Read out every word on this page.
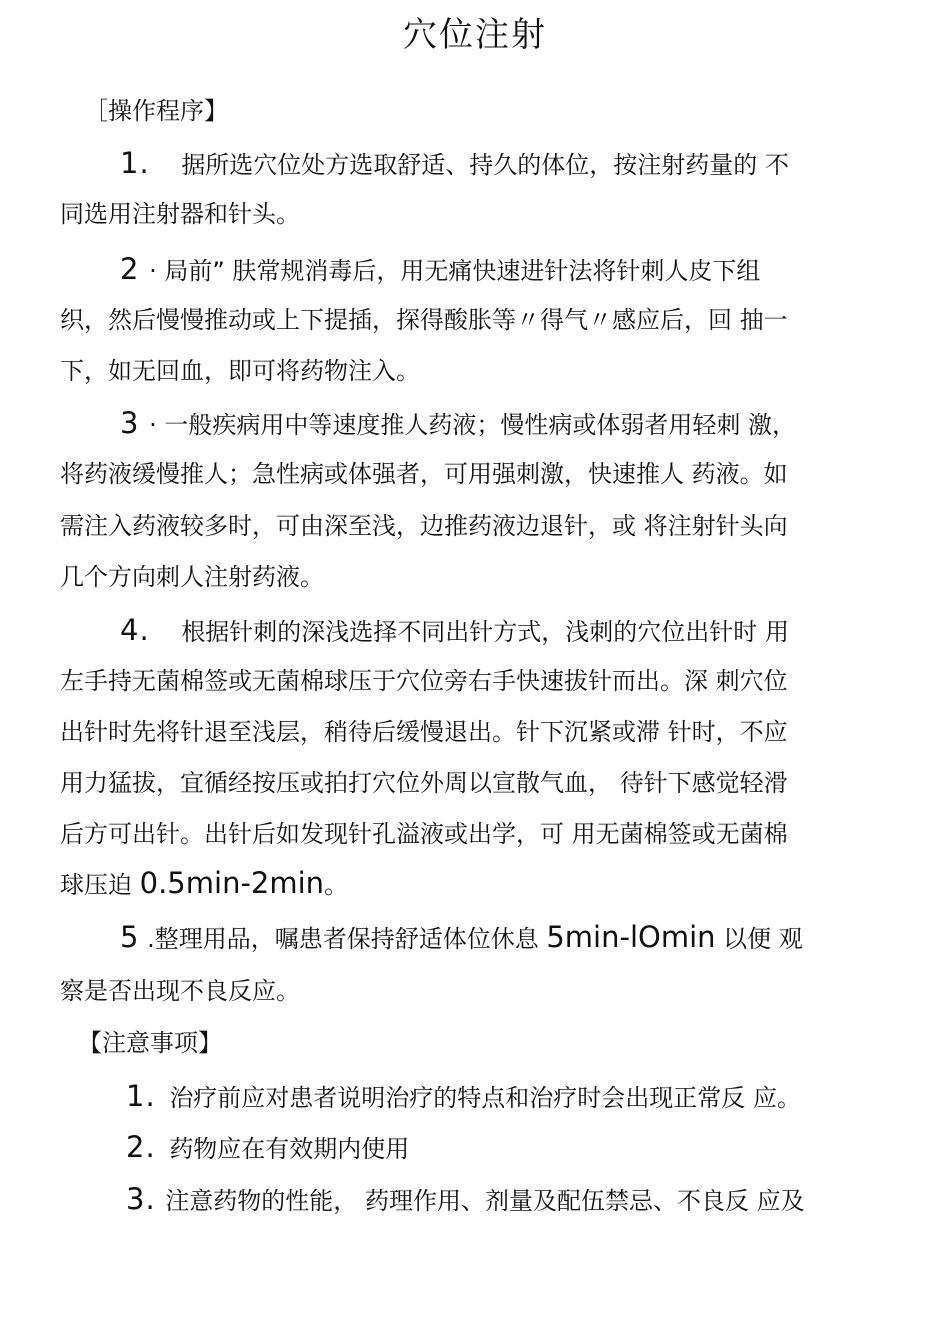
穴位注射
［操作程序】
1. 据所选穴位处方选取舒适、持久的体位，按注射药量的 不
同选用注射器和针头。
2 · 局前” 肤常规消毒后，用无痛快速进针法将针刺人皮下组
织，然后慢慢推动或上下提插，探得酸胀等〃得气〃感应后，回 抽一
下，如无回血，即可将药物注入。
3 · 一般疾病用中等速度推人药液；慢性病或体弱者用轻刺 激，
将药液缓慢推人；急性病或体强者，可用强刺激，快速推人 药液。如
需注入药液较多时，可由深至浅，边推药液边退针，或 将注射针头向
几个方向刺人注射药液。
4. 根据针刺的深浅选择不同出针方式，浅刺的穴位出针时 用
左手持无菌棉签或无菌棉球压于穴位旁右手快速拔针而出。深 刺穴位
出针时先将针退至浅层，稍待后缓慢退出。针下沉紧或滞 针时，不应
用力猛拔，宜循经按压或拍打穴位外周以宣散气血， 待针下感觉轻滑
后方可出针。出针后如发现针孔溢液或出学，可 用无菌棉签或无菌棉
球压迫 0.5min-2min。
5 .整理用品，嘱患者保持舒适体位休息 5min-lOmin 以便 观
察是否出现不良反应。
【注意事项】
1. 治疗前应对患者说明治疗的特点和治疗时会出现正常反 应。
2. 药物应在有效期内使用
3. 注意药物的性能， 药理作用、剂量及配伍禁忌、不良反 应及
